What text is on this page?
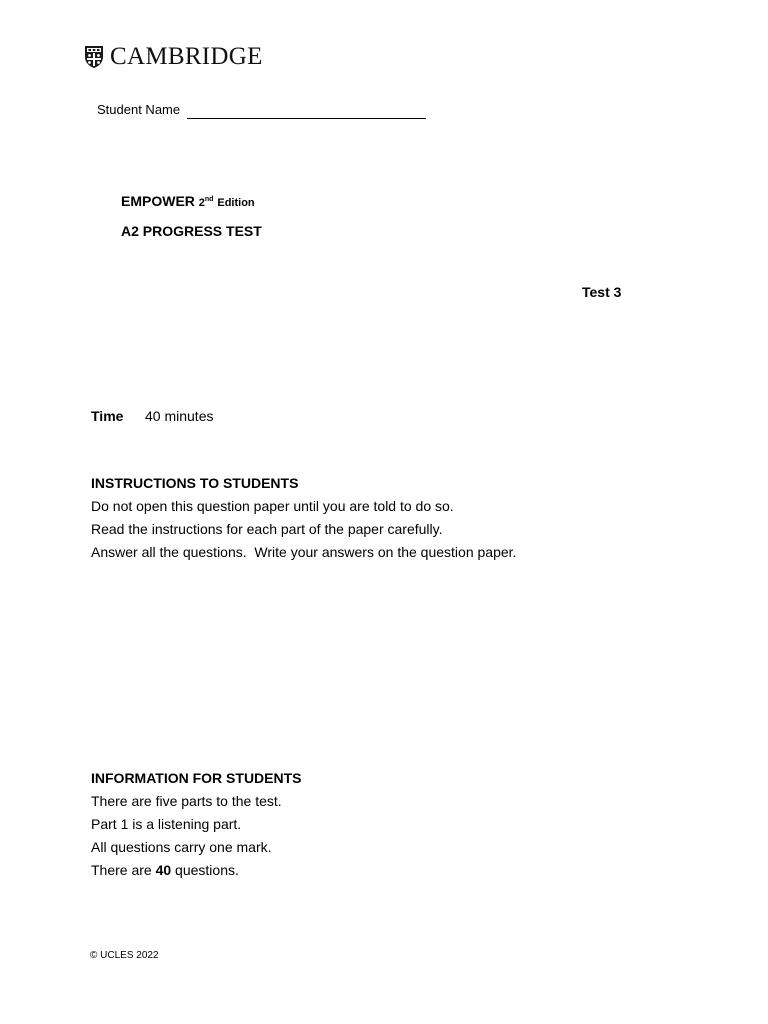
CAMBRIDGE
Student Name
EMPOWER 2nd Edition
A2 PROGRESS TEST
Test 3
Time 40 minutes
INSTRUCTIONS TO STUDENTS
Do not open this question paper until you are told to do so.
Read the instructions for each part of the paper carefully.
Answer all the questions.  Write your answers on the question paper.
INFORMATION FOR STUDENTS
There are five parts to the test.
Part 1 is a listening part.
All questions carry one mark.
There are 40 questions.
© UCLES 2022
